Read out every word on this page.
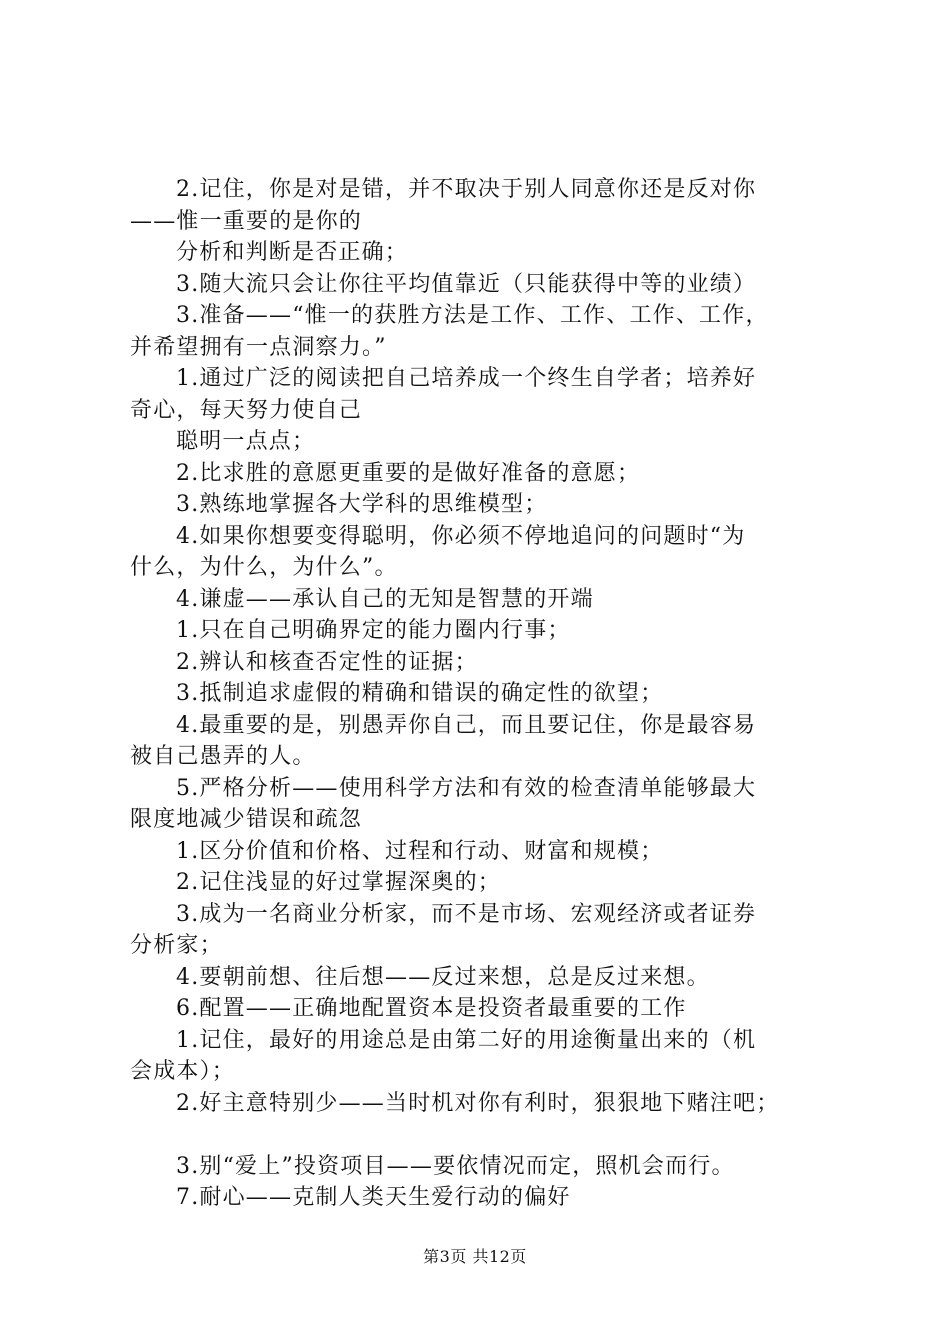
2.记住，你是对是错，并不取决于别人同意你还是反对你
——惟一重要的是你的
分析和判断是否正确；
3.随大流只会让你往平均值靠近（只能获得中等的业绩）
3.准备——“惟一的获胜方法是工作、工作、工作、工作，
并希望拥有一点洞察力。”
1.通过广泛的阅读把自己培养成一个终生自学者；培养好
奇心，每天努力使自己
聪明一点点；
2.比求胜的意愿更重要的是做好准备的意愿；
3.熟练地掌握各大学科的思维模型；
4.如果你想要变得聪明，你必须不停地追问的问题时“为
什么，为什么，为什么”。
4.谦虚——承认自己的无知是智慧的开端
1.只在自己明确界定的能力圈内行事；
2.辨认和核查否定性的证据；
3.抵制追求虚假的精确和错误的确定性的欲望；
4.最重要的是，别愚弄你自己，而且要记住，你是最容易
被自己愚弄的人。
5.严格分析——使用科学方法和有效的检查清单能够最大
限度地减少错误和疏忽
1.区分价值和价格、过程和行动、财富和规模；
2.记住浅显的好过掌握深奥的；
3.成为一名商业分析家，而不是市场、宏观经济或者证券
分析家；
4.要朝前想、往后想——反过来想，总是反过来想。
6.配置——正确地配置资本是投资者最重要的工作
1.记住，最好的用途总是由第二好的用途衡量出来的（机
会成本）；
2.好主意特别少——当时机对你有利时，狠狠地下赌注吧；
3.别“爱上”投资项目——要依情况而定，照机会而行。
7.耐心——克制人类天生爱行动的偏好
第3页 共12页
